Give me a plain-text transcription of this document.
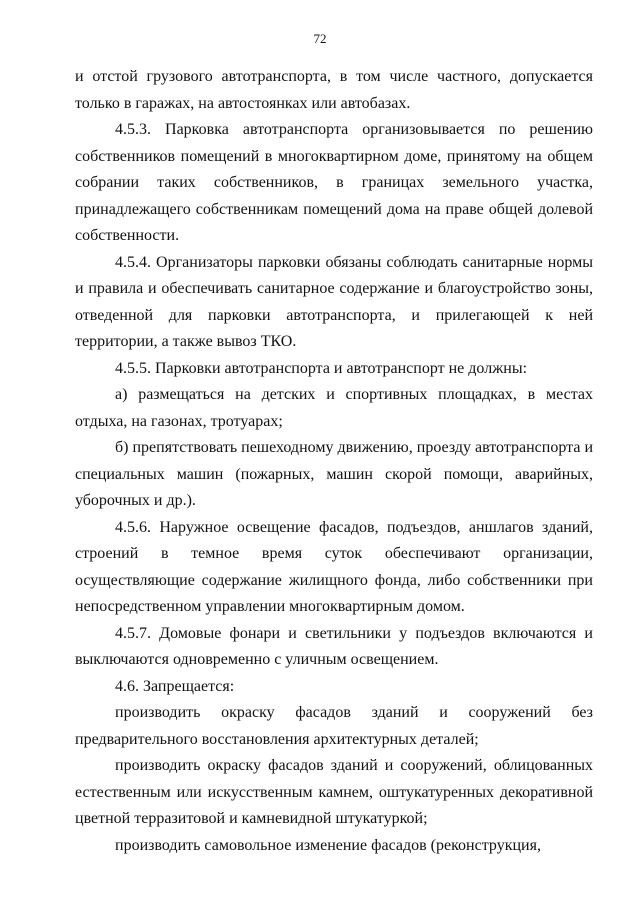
72

и отстой грузового автотранспорта, в том числе частного, допускается только в гаражах, на автостоянках или автобазах.

4.5.3. Парковка автотранспорта организовывается по решению собственников помещений в многоквартирном доме, принятому на общем собрании таких собственников, в границах земельного участка, принадлежащего собственникам помещений дома на праве общей долевой собственности.

4.5.4. Организаторы парковки обязаны соблюдать санитарные нормы и правила и обеспечивать санитарное содержание и благоустройство зоны, отведенной для парковки автотранспорта, и прилегающей к ней территории, а также вывоз ТКО.

4.5.5. Парковки автотранспорта и автотранспорт не должны:

а) размещаться на детских и спортивных площадках, в местах отдыха, на газонах, тротуарах;

б) препятствовать пешеходному движению, проезду автотранспорта и специальных машин (пожарных, машин скорой помощи, аварийных, уборочных и др.).

4.5.6. Наружное освещение фасадов, подъездов, аншлагов зданий, строений в темное время суток обеспечивают организации, осуществляющие содержание жилищного фонда, либо собственники при непосредственном управлении многоквартирным домом.

4.5.7. Домовые фонари и светильники у подъездов включаются и выключаются одновременно с уличным освещением.

4.6. Запрещается:

производить окраску фасадов зданий и сооружений без предварительного восстановления архитектурных деталей;

производить окраску фасадов зданий и сооружений, облицованных естественным или искусственным камнем, оштукатуренных декоративной цветной терразитовой и камневидной штукатуркой;

производить самовольное изменение фасадов (реконструкция,
